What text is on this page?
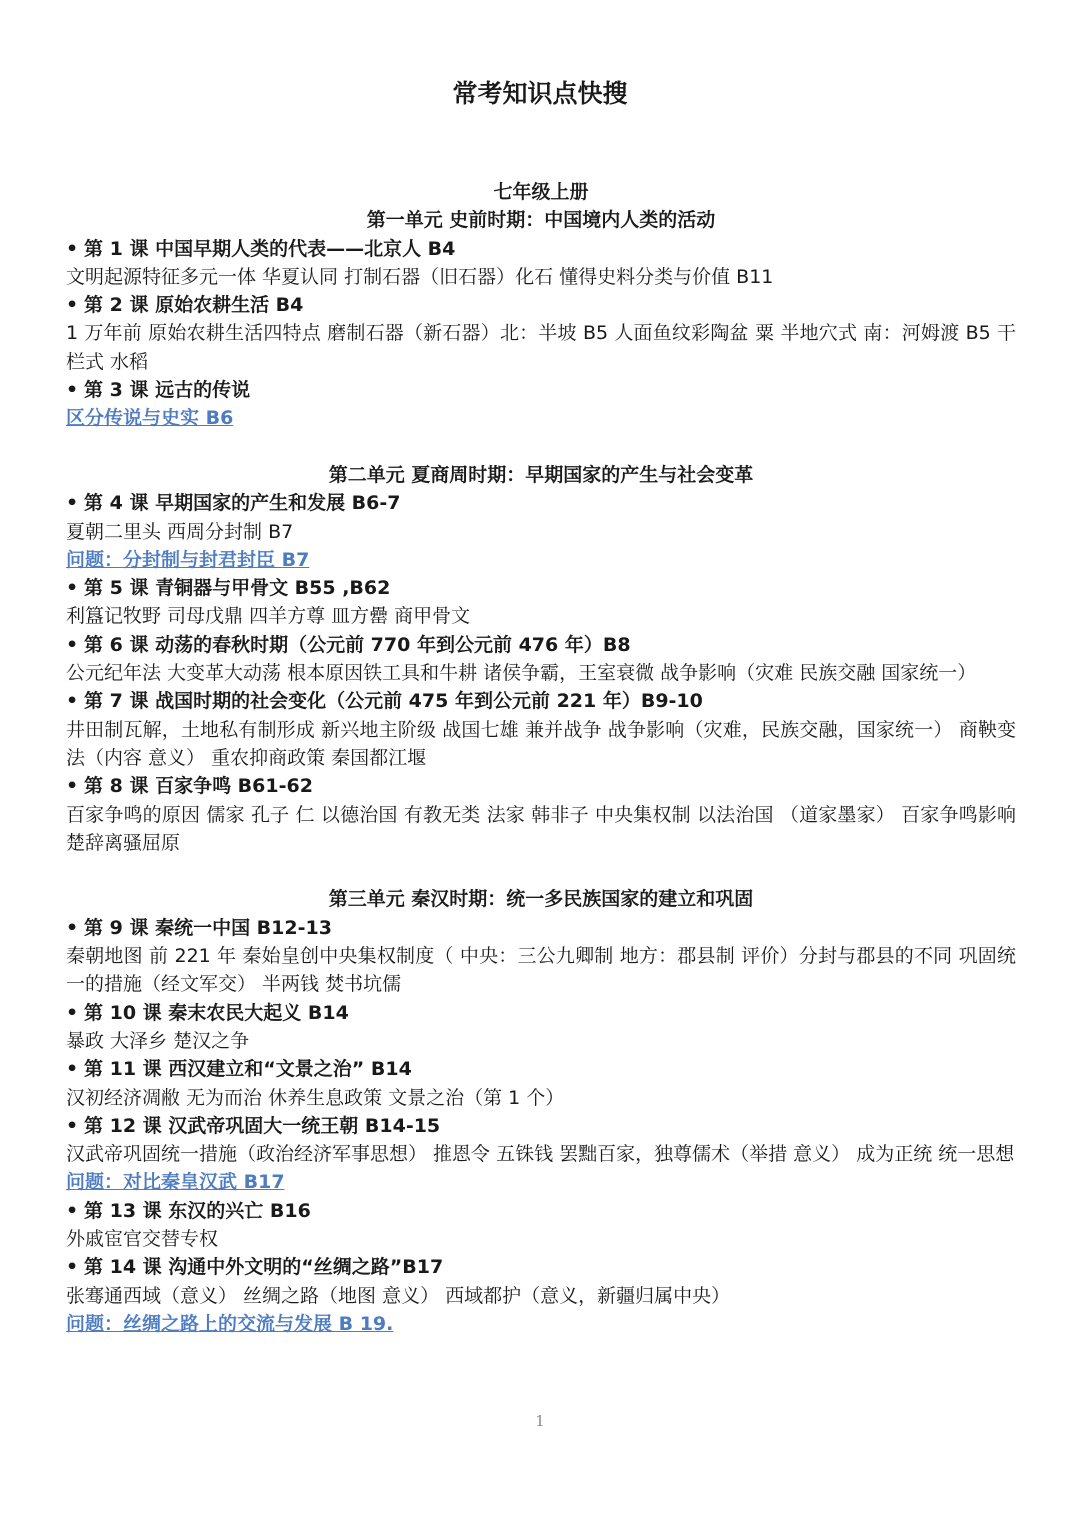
常考知识点快搜
七年级上册
第一单元 史前时期：中国境内人类的活动
• 第 1 课 中国早期人类的代表——北京人 B4
文明起源特征多元一体 华夏认同 打制石器（旧石器）化石 懂得史料分类与价值 B11
• 第 2 课 原始农耕生活 B4
1 万年前 原始农耕生活四特点 磨制石器（新石器）北：半坡 B5 人面鱼纹彩陶盆 粟 半地穴式 南：河姆渡 B5 干栏式 水稻
• 第 3 课 远古的传说
区分传说与史实 B6
第二单元 夏商周时期：早期国家的产生与社会变革
• 第 4 课 早期国家的产生和发展 B6-7
夏朝二里头 西周分封制 B7
问题：分封制与封君封臣 B7
• 第 5 课 青铜器与甲骨文 B55 ,B62
利簋记牧野 司母戊鼎 四羊方尊 皿方罍 商甲骨文
• 第 6 课 动荡的春秋时期（公元前 770 年到公元前 476 年）B8
公元纪年法 大变革大动荡 根本原因铁工具和牛耕 诸侯争霸，王室衰微 战争影响（灾难 民族交融 国家统一）
• 第 7 课 战国时期的社会变化（公元前 475 年到公元前 221 年）B9-10
井田制瓦解，土地私有制形成 新兴地主阶级 战国七雄 兼并战争 战争影响（灾难，民族交融，国家统一） 商鞅变法（内容 意义） 重农抑商政策 秦国都江堰
• 第 8 课 百家争鸣 B61-62
百家争鸣的原因 儒家 孔子 仁 以德治国 有教无类 法家 韩非子 中央集权制 以法治国 （道家墨家） 百家争鸣影响 楚辞离骚屈原
第三单元 秦汉时期：统一多民族国家的建立和巩固
• 第 9 课 秦统一中国 B12-13
秦朝地图 前 221 年 秦始皇创中央集权制度（ 中央：三公九卿制 地方：郡县制 评价）分封与郡县的不同 巩固统一的措施（经文军交） 半两钱 焚书坑儒
• 第 10 课 秦末农民大起义 B14
暴政 大泽乡 楚汉之争
• 第 11 课 西汉建立和“文景之治” B14
汉初经济凋敝 无为而治 休养生息政策 文景之治（第 1 个）
• 第 12 课 汉武帝巩固大一统王朝 B14-15
汉武帝巩固统一措施（政治经济军事思想） 推恩令 五铢钱 罢黜百家，独尊儒术（举措 意义） 成为正统 统一思想
问题：对比秦皇汉武 B17
• 第 13 课 东汉的兴亡 B16
外戚宦官交替专权
• 第 14 课 沟通中外文明的“丝绸之路”B17
张骞通西域（意义） 丝绸之路（地图 意义） 西域都护（意义，新疆归属中央）
问题：丝绸之路上的交流与发展 B 19.
1
